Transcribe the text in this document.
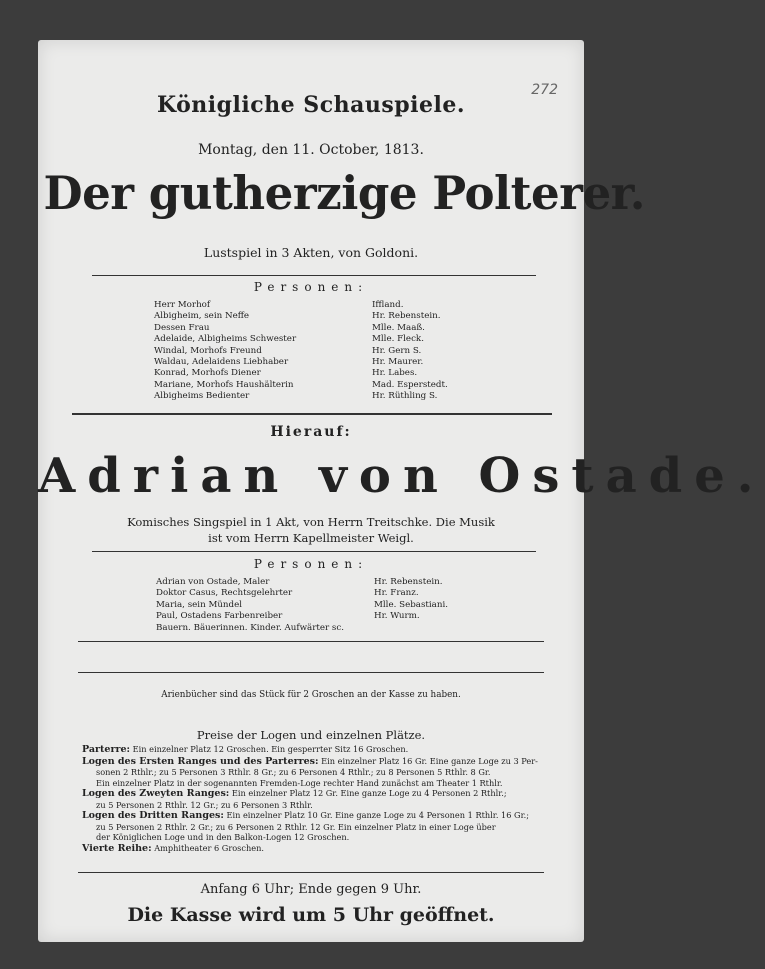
Königliche Schauspiele.
272
Montag, den 11. October, 1813.
Der gutherzige Polterer.
Lustspiel in 3 Akten, von Goldoni.
Personen:
Herr Morhof
Albigheim, sein Neffe
Dessen Frau
Adelaide, Albigheims Schwester
Windal, Morhofs Freund
Waldau, Adelaidens Liebhaber
Konrad, Morhofs Diener
Mariane, Morhofs Haushälterin
Albigheims Bedienter
Iffland.
Hr. Rebenstein.
Mlle. Maaß.
Mlle. Fleck.
Hr. Gern S.
Hr. Maurer.
Hr. Labes.
Mad. Esperstedt.
Hr. Rüthling S.
Hierauf:
Adrian von Ostade.
Komisches Singspiel in 1 Akt, von Herrn Treitschke. Die Musik
ist vom Herrn Kapellmeister Weigl.
Personen:
Adrian von Ostade, Maler
Doktor Casus, Rechtsgelehrter
Maria, sein Mündel
Paul, Ostadens Farbenreiber
Bauern. Bäuerinnen. Kinder. Aufwärter sc.
Hr. Rebenstein.
Hr. Franz.
Mlle. Sebastiani.
Hr. Wurm.
Arienbücher sind das Stück für 2 Groschen an der Kasse zu haben.
Preise der Logen und einzelnen Plätze.

Parterre: Ein einzelner Platz 12 Groschen. Ein gesperrter Sitz 16 Groschen.

Logen des Ersten Ranges und des Parterres: Ein einzelner Platz 16 Gr. Eine ganze Loge zu 3 Per-

sonen 2 Rthlr.; zu 5 Personen 3 Rthlr. 8 Gr.; zu 6 Personen 4 Rthlr.; zu 8 Personen 5 Rthlr. 8 Gr.

Ein einzelner Platz in der sogenannten Fremden-Loge rechter Hand zunächst am Theater 1 Rthlr.

Logen des Zweyten Ranges: Ein einzelner Platz 12 Gr. Eine ganze Loge zu 4 Personen 2 Rthlr.;

zu 5 Personen 2 Rthlr. 12 Gr.; zu 6 Personen 3 Rthlr.

Logen des Dritten Ranges: Ein einzelner Platz 10 Gr. Eine ganze Loge zu 4 Personen 1 Rthlr. 16 Gr.;

zu 5 Personen 2 Rthlr. 2 Gr.; zu 6 Personen 2 Rthlr. 12 Gr. Ein einzelner Platz in einer Loge über

der Königlichen Loge und in den Balkon-Logen 12 Groschen.

Vierte Reihe: Amphitheater 6 Groschen.

Anfang 6 Uhr; Ende gegen 9 Uhr.
Die Kasse wird um 5 Uhr geöffnet.
